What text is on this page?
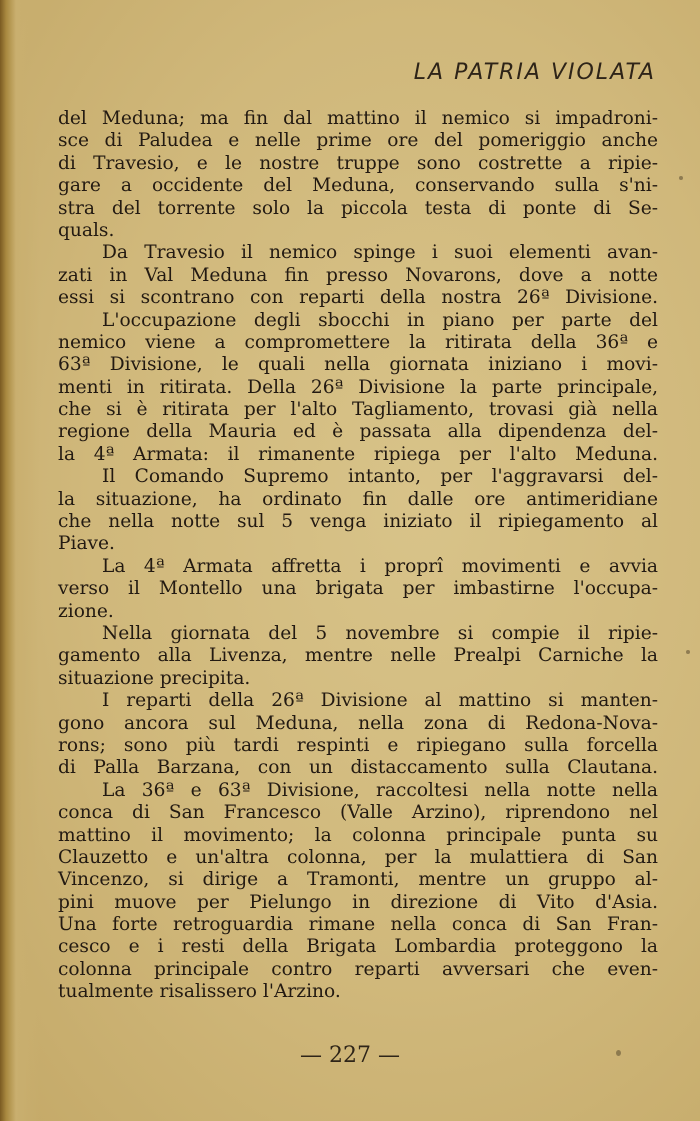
LA PATRIA VIOLATA
del Meduna; ma fin dal mattino il nemico si impadroni-
sce di Paludea e nelle prime ore del pomeriggio anche
di Travesio, e le nostre truppe sono costrette a ripie-
gare a occidente del Meduna, conservando sulla s'ni-
stra del torrente solo la piccola testa di ponte di Se-
quals.
Da Travesio il nemico spinge i suoi elementi avan-
zati in Val Meduna fin presso Novarons, dove a notte
essi si scontrano con reparti della nostra 26ª Divisione.
L'occupazione degli sbocchi in piano per parte del
nemico viene a compromettere la ritirata della 36ª e
63ª Divisione, le quali nella giornata iniziano i movi-
menti in ritirata. Della 26ª Divisione la parte principale,
che si è ritirata per l'alto Tagliamento, trovasi già nella
regione della Mauria ed è passata alla dipendenza del-
la 4ª Armata: il rimanente ripiega per l'alto Meduna.
Il Comando Supremo intanto, per l'aggravarsi del-
la situazione, ha ordinato fin dalle ore antimeridiane
che nella notte sul 5 venga iniziato il ripiegamento al
Piave.
La 4ª Armata affretta i proprî movimenti e avvia
verso il Montello una brigata per imbastirne l'occupa-
zione.
Nella giornata del 5 novembre si compie il ripie-
gamento alla Livenza, mentre nelle Prealpi Carniche la
situazione precipita.
I reparti della 26ª Divisione al mattino si manten-
gono ancora sul Meduna, nella zona di Redona-Nova-
rons; sono più tardi respinti e ripiegano sulla forcella
di Palla Barzana, con un distaccamento sulla Clautana.
La 36ª e 63ª Divisione, raccoltesi nella notte nella
conca di San Francesco (Valle Arzino), riprendono nel
mattino il movimento; la colonna principale punta su
Clauzetto e un'altra colonna, per la mulattiera di San
Vincenzo, si dirige a Tramonti, mentre un gruppo al-
pini muove per Pielungo in direzione di Vito d'Asia.
Una forte retroguardia rimane nella conca di San Fran-
cesco e i resti della Brigata Lombardia proteggono la
colonna principale contro reparti avversari che even-
tualmente risalissero l'Arzino.
— 227 —
